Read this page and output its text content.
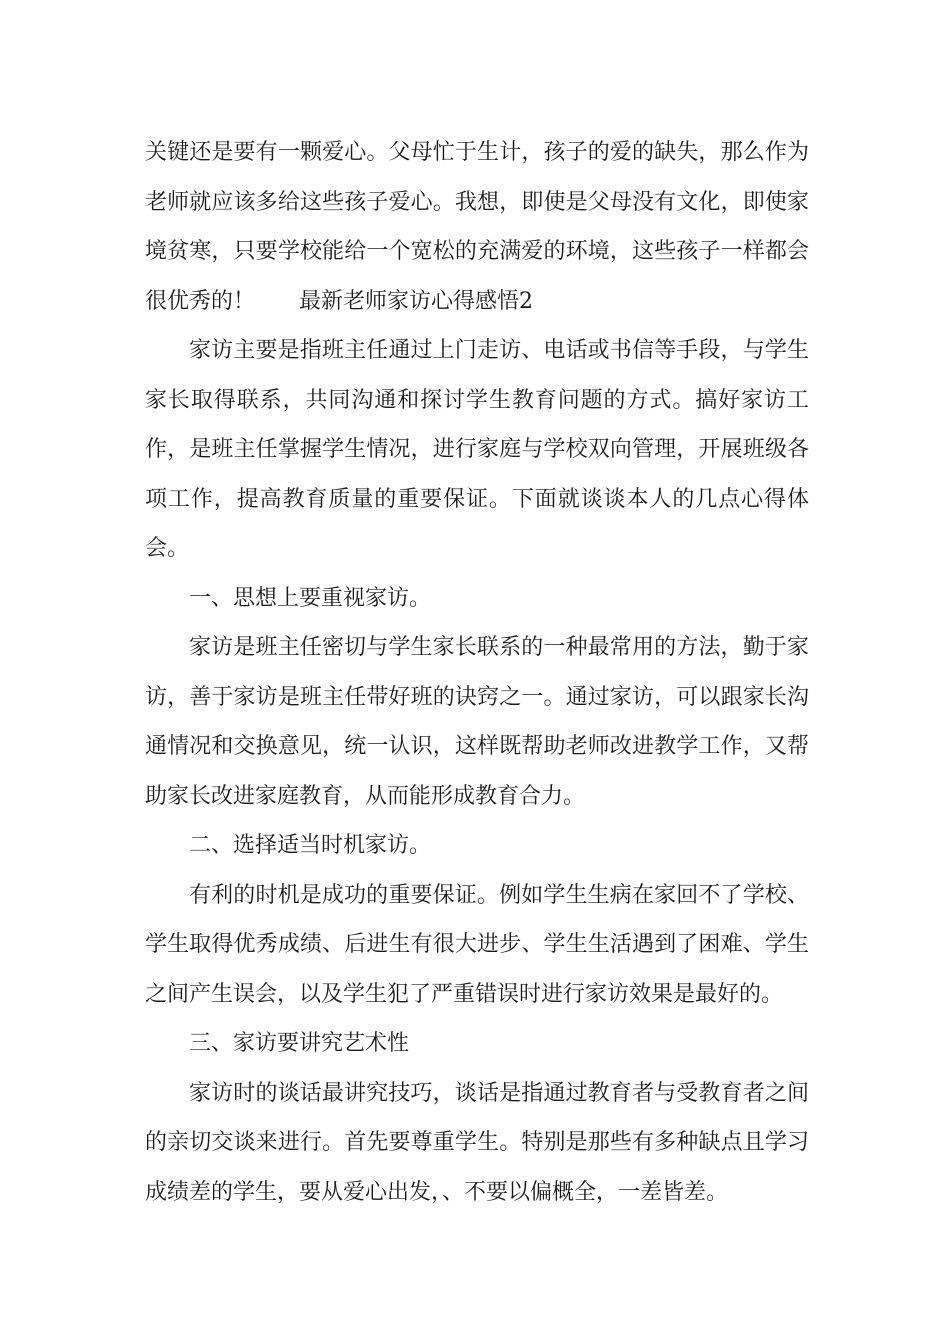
关键还是要有一颗爱心。父母忙于生计，孩子的爱的缺失，那么作为老师就应该多给这些孩子爱心。我想，即使是父母没有文化，即使家境贫寒，只要学校能给一个宽松的充满爱的环境，这些孩子一样都会很优秀的！ 最新老师家访心得感悟2

家访主要是指班主任通过上门走访、电话或书信等手段，与学生家长取得联系，共同沟通和探讨学生教育问题的方式。搞好家访工作，是班主任掌握学生情况，进行家庭与学校双向管理，开展班级各项工作，提高教育质量的重要保证。下面就谈谈本人的几点心得体会。

一、思想上要重视家访。

家访是班主任密切与学生家长联系的一种最常用的方法，勤于家访，善于家访是班主任带好班的诀窍之一。通过家访，可以跟家长沟通情况和交换意见，统一认识，这样既帮助老师改进教学工作，又帮助家长改进家庭教育，从而能形成教育合力。

二、选择适当时机家访。

有利的时机是成功的重要保证。例如学生生病在家回不了学校、学生取得优秀成绩、后进生有很大进步、学生生活遇到了困难、学生之间产生误会，以及学生犯了严重错误时进行家访效果是最好的。

三、家访要讲究艺术性

家访时的谈话最讲究技巧，谈话是指通过教育者与受教育者之间的亲切交谈来进行。首先要尊重学生。特别是那些有多种缺点且学习成绩差的学生，要从爱心出发，、不要以偏概全，一差皆差。
